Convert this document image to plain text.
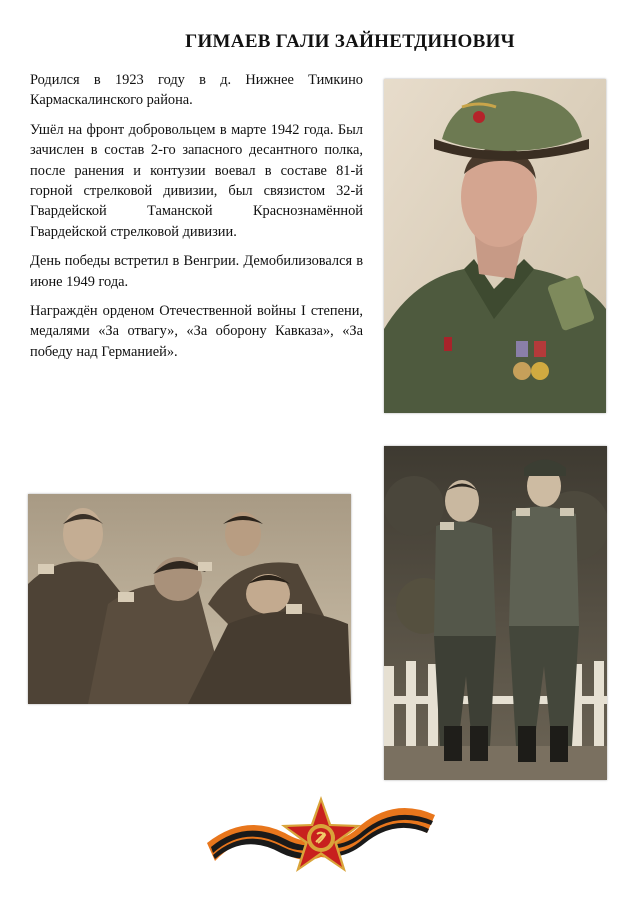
ГИМАЕВ ГАЛИ ЗАЙНЕТДИНОВИЧ

Родился в 1923 году в д. Нижнее Тимкино Кармаскалинского района.

Ушёл на фронт добровольцем в марте 1942 года. Был зачислен в состав 2-го запасного десантного полка, после ранения и контузии воевал в составе 81-й горной стрелковой дивизии, был связистом 32-й Гвардейской Таманской Краснознамённой Гвардейской стрелковой дивизии.

День победы встретил в Венгрии. Демобилизовался в июне 1949 года.

Награждён орденом Отечественной войны I степени, медалями «За отвагу», «За оборону Кавказа», «За победу над Германией».
